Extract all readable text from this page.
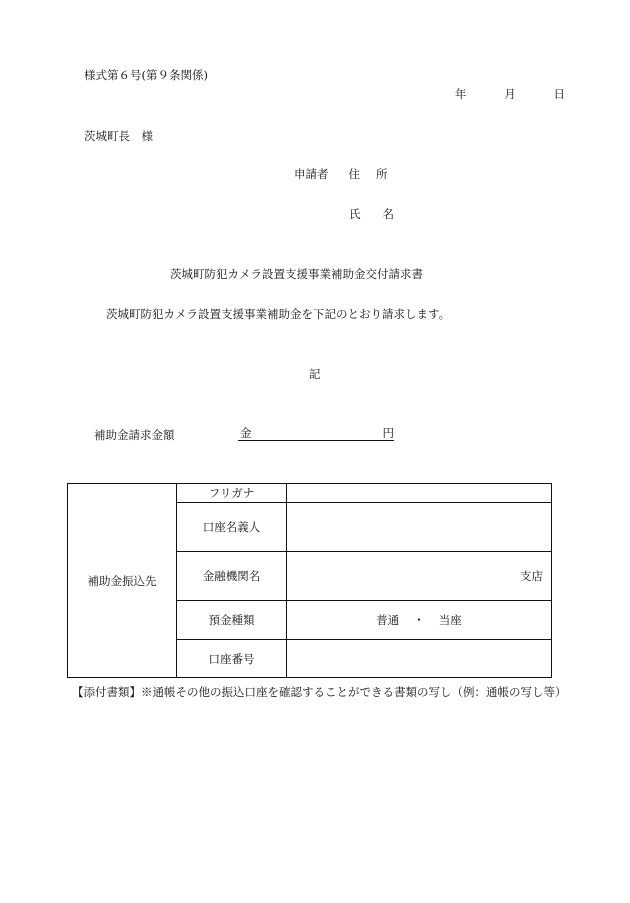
様式第６号(第９条関係)
年	月	日
茨城町長　様
申請者 住 所
氏 名
茨城町防犯カメラ設置支援事業補助金交付請求書
茨城町防犯カメラ設置支援事業補助金を下記のとおり請求します。
記
補助金請求金額	金	円
補助金振込先	フリガナ	
	口座名義人	
	金融機関名	支店
	預金種類	普通 ・ 当座

	口座番号	
【添付書類】※通帳その他の振込口座を確認することができる書類の写し（例：通帳の写し等）
